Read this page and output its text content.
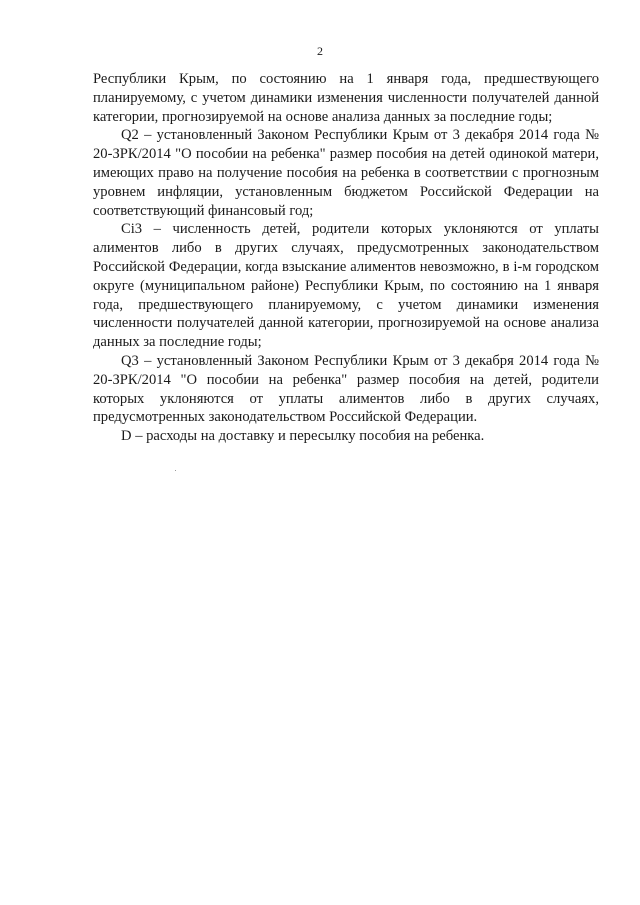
2

Республики Крым, по состоянию на 1 января года, предшествующего планируемому, с учетом динамики изменения численности получателей данной категории, прогнозируемой на основе анализа данных за последние годы;

Q2 – установленный Законом Республики Крым от 3 декабря 2014 года № 20-ЗРК/2014 "О пособии на ребенка" размер пособия на детей одинокой матери, имеющих право на получение пособия на ребенка в соответствии с прогнозным уровнем инфляции, установленным бюджетом Российской Федерации на соответствующий финансовый год;

Ci3 – численность детей, родители которых уклоняются от уплаты алиментов либо в других случаях, предусмотренных законодательством Российской Федерации, когда взыскание алиментов невозможно, в i-м городском округе (муниципальном районе) Республики Крым, по состоянию на 1 января года, предшествующего планируемому, с учетом динамики изменения численности получателей данной категории, прогнозируемой на основе анализа данных за последние годы;

Q3 – установленный Законом Республики Крым от 3 декабря 2014 года № 20-ЗРК/2014 "О пособии на ребенка" размер пособия на детей, родители которых уклоняются от уплаты алиментов либо в других случаях, предусмотренных законодательством Российской Федерации.

D – расходы на доставку и пересылку пособия на ребенка.
